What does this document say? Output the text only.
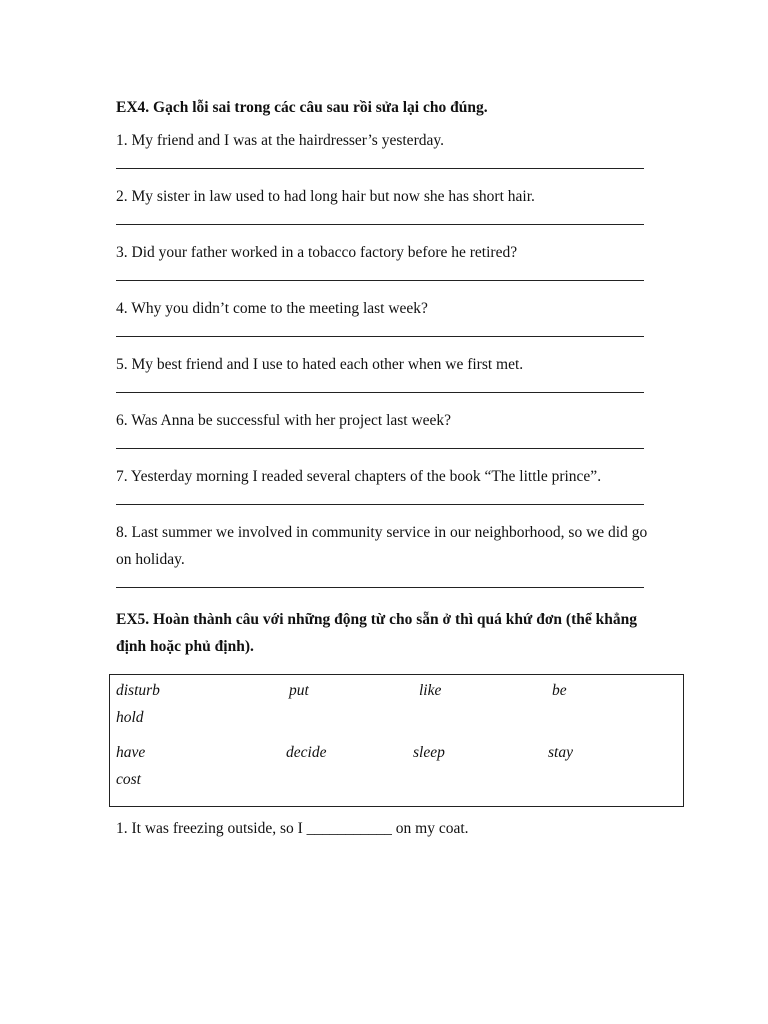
EX4. Gạch lỗi sai trong các câu sau rồi sửa lại cho đúng.

1. My friend and I was at the hairdresser’s yesterday.

2. My sister in law used to had long hair but now she has short hair.

3. Did your father worked in a tobacco factory before he retired?

4. Why you didn’t come to the meeting last week?

5. My best friend and I use to hated each other when we first met.

6. Was Anna be successful with her project last week?

7. Yesterday morning I readed several chapters of the book “The little prince”.

8. Last summer we involved in community service in our neighborhood, so we did go on holiday.

EX5. Hoàn thành câu với những động từ cho sẵn ở thì quá khứ đơn (thể khẳng định hoặc phủ định).

disturb	put	like	be
hold
have	decide	sleep	stay
cost

1. It was freezing outside, so I ___________ on my coat.
